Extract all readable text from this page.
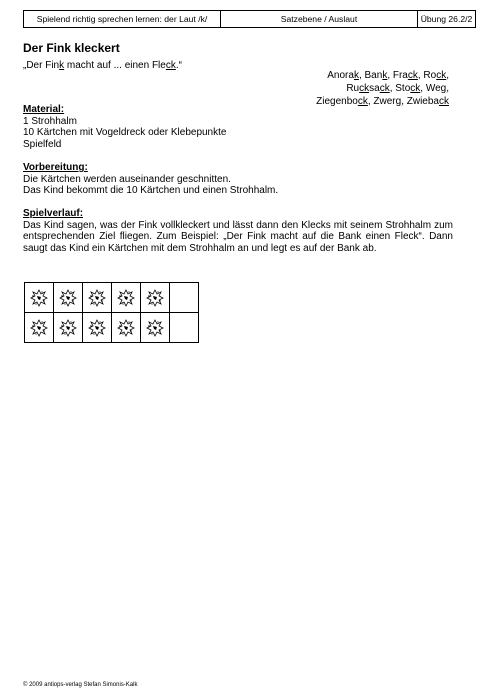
Spielend richtig sprechen lernen: der Laut /k/	Satzebene / Auslaut	Übung 26.2/2
Der Fink kleckert
„Der Fink macht auf ... einen Fleck.“
Anorak, Bank, Frack, Rock,
Rucksack, Stock, Weg,
Ziegenbock, Zwerg, Zwieback
Material:
1 Strohhalm
10 Kärtchen mit Vogeldreck oder Klebepunkte
Spielfeld
Vorbereitung:
Die Kärtchen werden auseinander geschnitten.
Das Kind bekommt die 10 Kärtchen und einen Strohhalm.
Spielverlauf:
Das Kind sagen, was der Fink vollkleckert und lässt dann den Klecks mit seinem Strohhalm zum entsprechenden Ziel fliegen. Zum Beispiel: „Der Fink macht auf die Bank einen Fleck“. Dann saugt das Kind ein Kärtchen mit dem Strohhalm an und legt es auf der Bank ab.
© 2009 antiops-verlag Stefan Simonis-Kalk
